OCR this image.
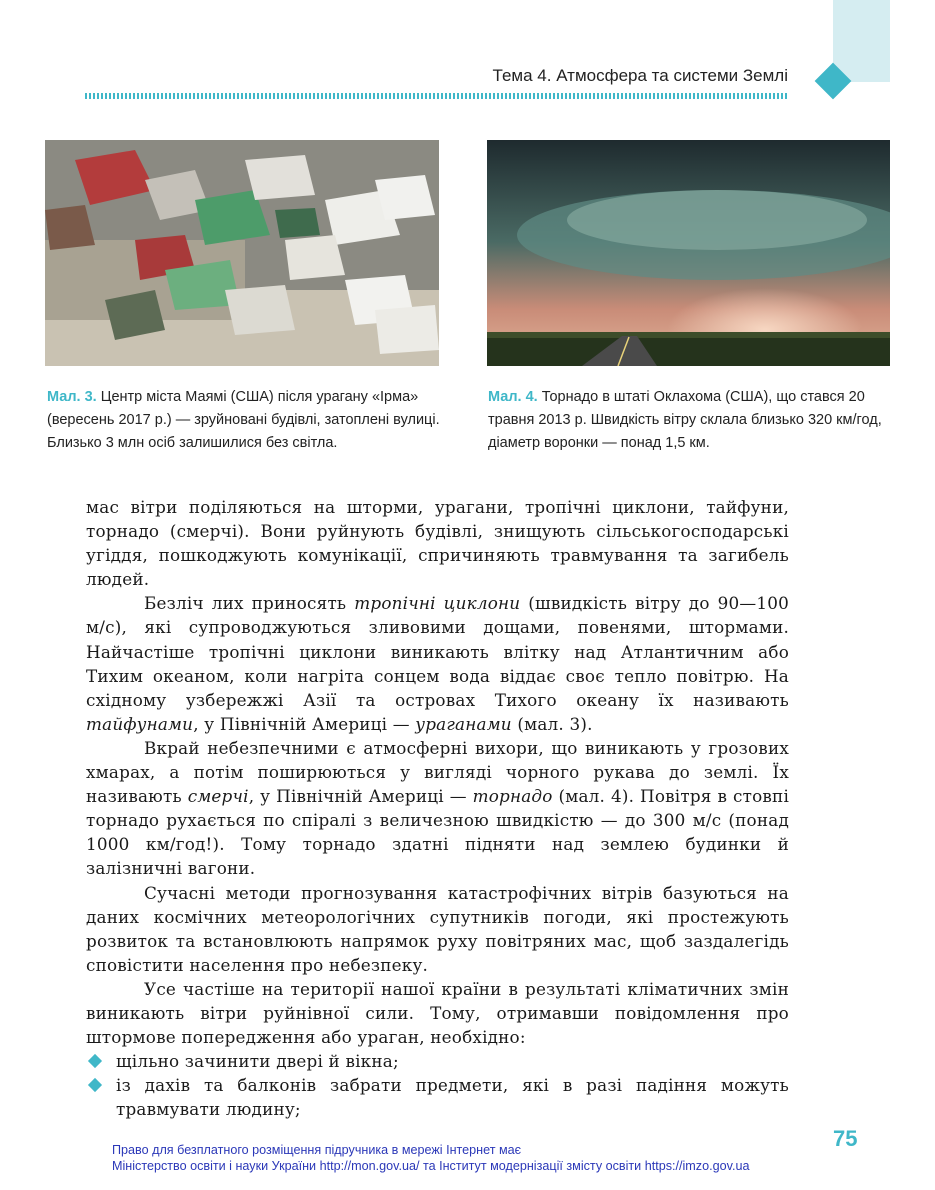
Тема 4. Атмосфера та системи Землі
Мал. 3. Центр міста Маямі (США) після урагану «Ірма» (вересень 2017 р.) — зруйновані будівлі, затоплені вулиці. Близько 3 млн осіб залишилися без світла.
Мал. 4. Торнадо в штаті Оклахома (США), що стався 20 травня 2013 р. Швидкість вітру склала близько 320 км/год, діаметр воронки — понад 1,5 км.

мас вітри поділяються на шторми, урагани, тропічні циклони, тайфуни, торнадо (смерчі). Вони руйнують будівлі, знищують сільськогосподарські угіддя, пошкоджують комунікації, спричиняють травмування та загибель людей.

Безліч лих приносять тропічні циклони (швидкість вітру до 90—100 м/с), які супроводжуються зливовими дощами, повенями, штормами. Найчастіше тропічні циклони виникають влітку над Атлантичним або Тихим океаном, коли нагріта сонцем вода віддає своє тепло повітрю. На східному узбережжі Азії та островах Тихого океану їх називають тайфунами, у Північній Америці — ураганами (мал. 3).

Вкрай небезпечними є атмосферні вихори, що виникають у грозових хмарах, а потім поширюються у вигляді чорного рукава до землі. Їх називають смерчі, у Північній Америці — торнадо (мал. 4). Повітря в стовпі торнадо рухається по спіралі з величезною швидкістю — до 300 м/с (понад 1000 км/год!). Тому торнадо здатні підняти над землею будинки й залізничні вагони.

Сучасні методи прогнозування катастрофічних вітрів базуються на даних космічних метеорологічних супутників погоди, які простежують розвиток та встановлюють напрямок руху повітряних мас, щоб заздалегідь сповістити населення про небезпеку.

Усе частіше на території нашої країни в результаті кліматичних змін виникають вітри руйнівної сили. Тому, отримавши повідомлення про штормове попередження або ураган, необхідно:

щільно зачинити двері й вікна;
із дахів та балконів забрати предмети, які в разі падіння можуть травмувати людину;
75
Право для безплатного розміщення підручника в мережі Інтернет має
Міністерство освіти і науки України http://mon.gov.ua/ та Інститут модернізації змісту освіти https://imzo.gov.ua
